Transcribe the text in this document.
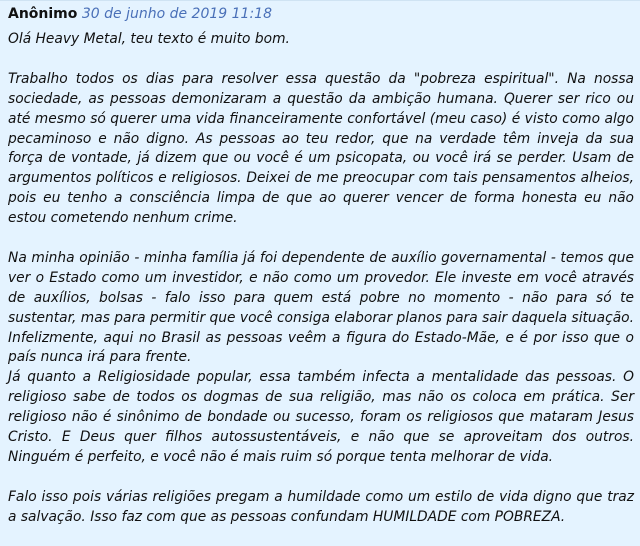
Anônimo 30 de junho de 2019 11:18

Olá Heavy Metal, teu texto é muito bom.

Trabalho todos os dias para resolver essa questão da "pobreza espiritual". Na nossa sociedade, as pessoas demonizaram a questão da ambição humana. Querer ser rico ou até mesmo só querer uma vida financeiramente confortável (meu caso) é visto como algo pecaminoso e não digno. As pessoas ao teu redor, que na verdade têm inveja da sua força de vontade, já dizem que ou você é um psicopata, ou você irá se perder. Usam de argumentos políticos e religiosos. Deixei de me preocupar com tais pensamentos alheios, pois eu tenho a consciência limpa de que ao querer vencer de forma honesta eu não estou cometendo nenhum crime.

Na minha opinião - minha família já foi dependente de auxílio governamental - temos que ver o Estado como um investidor, e não como um provedor. Ele investe em você através de auxílios, bolsas - falo isso para quem está pobre no momento - não para só te sustentar, mas para permitir que você consiga elaborar planos para sair daquela situação. Infelizmente, aqui no Brasil as pessoas veêm a figura do Estado-Mãe, e é por isso que o país nunca irá para frente.

Já quanto a Religiosidade popular, essa também infecta a mentalidade das pessoas. O religioso sabe de todos os dogmas de sua religião, mas não os coloca em prática. Ser religioso não é sinônimo de bondade ou sucesso, foram os religiosos que mataram Jesus Cristo. E Deus quer filhos autossustentáveis, e não que se aproveitam dos outros. Ninguém é perfeito, e você não é mais ruim só porque tenta melhorar de vida.

Falo isso pois várias religiões pregam a humildade como um estilo de vida digno que traz a salvação. Isso faz com que as pessoas confundam HUMILDADE com POBREZA.
